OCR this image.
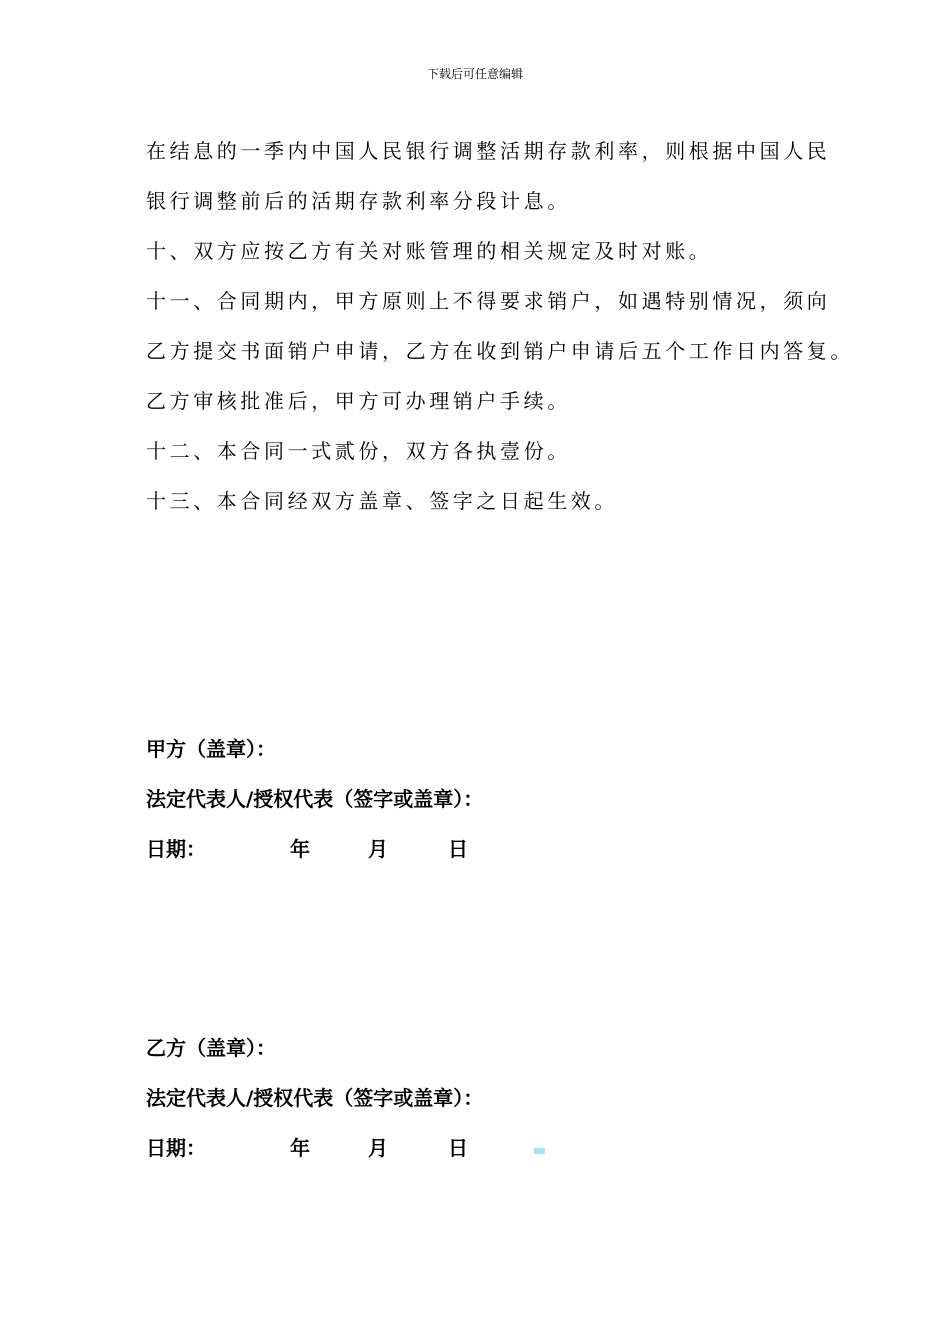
下载后可任意编辑
在结息的一季内中国人民银行调整活期存款利率，则根据中国人民
银行调整前后的活期存款利率分段计息。
十、双方应按乙方有关对账管理的相关规定及时对账。
十一、合同期内，甲方原则上不得要求销户，如遇特别情况，须向
乙方提交书面销户申请，乙方在收到销户申请后五个工作日内答复。
乙方审核批准后，甲方可办理销户手续。
十二、本合同一式贰份，双方各执壹份。
十三、本合同经双方盖章、签字之日起生效。
甲方（盖章）：
法定代表人/授权代表（签字或盖章）：
日期：	年	月	日
乙方（盖章）：
法定代表人/授权代表（签字或盖章）：
日期：	年	月	日
